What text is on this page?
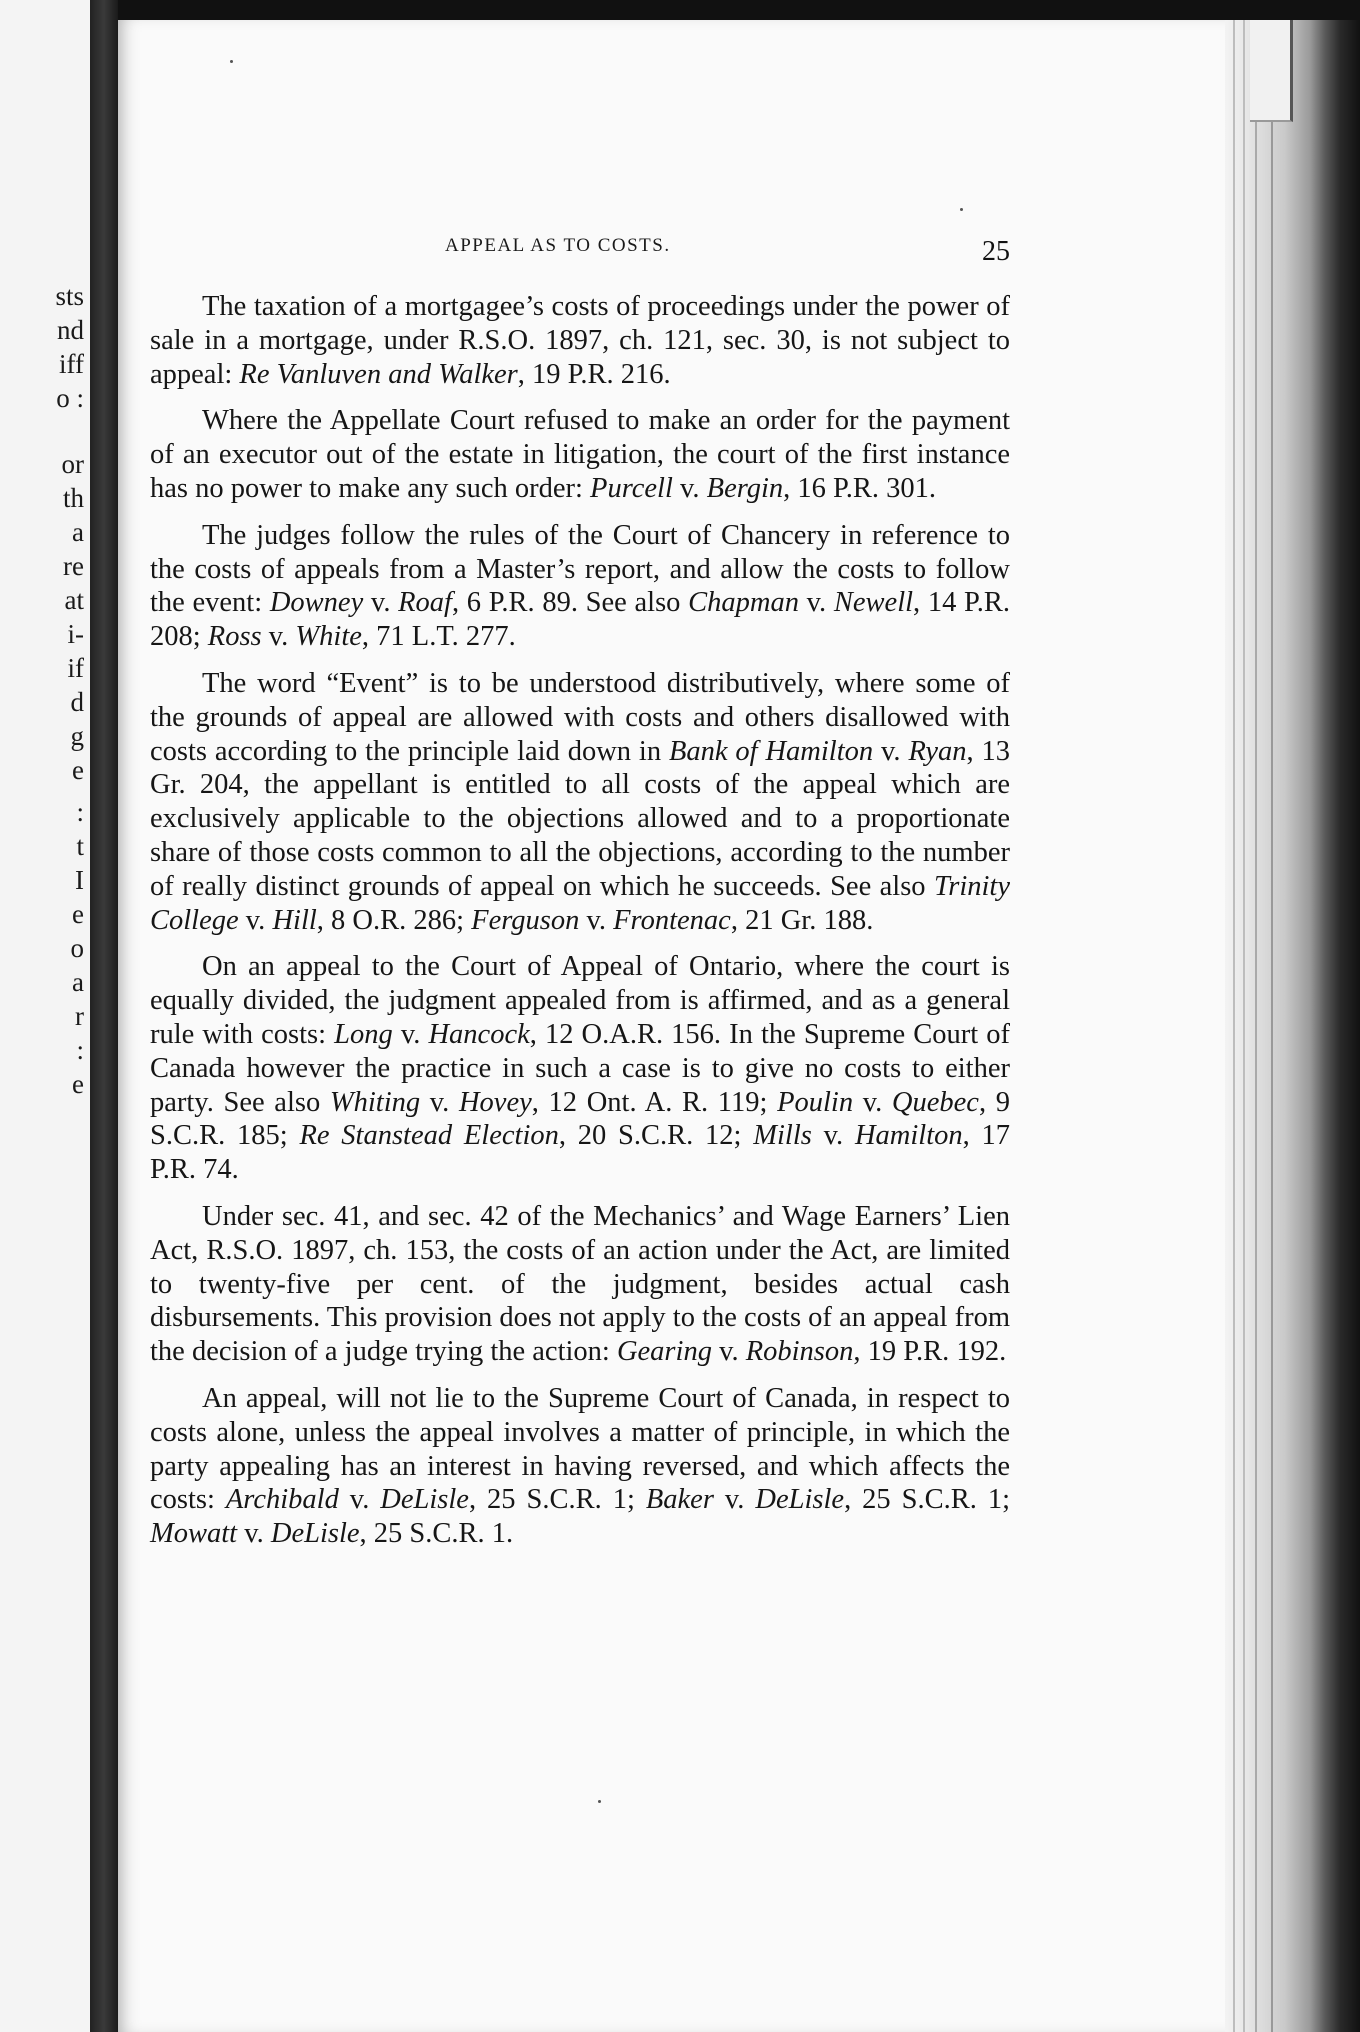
sts
nd
iff
o :
or
th
a
re
at
i-
if
d
g
e
:
t
I
e
o
a
r
:
e
APPEAL AS TO COSTS.	25

The taxation of a mortgagee’s costs of proceedings under the power of sale in a mortgage, under R.S.O. 1897, ch. 121, sec. 30, is not subject to appeal: Re Vanluven and Walker, 19 P.R. 216.

Where the Appellate Court refused to make an order for the payment of an executor out of the estate in litigation, the court of the first instance has no power to make any such order: Purcell v. Bergin, 16 P.R. 301.

The judges follow the rules of the Court of Chancery in reference to the costs of appeals from a Master’s report, and allow the costs to follow the event: Downey v. Roaf, 6 P.R. 89. See also Chapman v. Newell, 14 P.R. 208; Ross v. White, 71 L.T. 277.

The word “Event” is to be understood distributively, where some of the grounds of appeal are allowed with costs and others disallowed with costs according to the principle laid down in Bank of Hamilton v. Ryan, 13 Gr. 204, the appellant is entitled to all costs of the appeal which are exclusively applicable to the objections allowed and to a proportionate share of those costs common to all the objections, according to the number of really distinct grounds of appeal on which he succeeds. See also Trinity College v. Hill, 8 O.R. 286; Ferguson v. Frontenac, 21 Gr. 188.

On an appeal to the Court of Appeal of Ontario, where the court is equally divided, the judgment appealed from is affirmed, and as a general rule with costs: Long v. Hancock, 12 O.A.R. 156. In the Supreme Court of Canada however the practice in such a case is to give no costs to either party. See also Whiting v. Hovey, 12 Ont. A. R. 119; Poulin v. Quebec, 9 S.C.R. 185; Re Stanstead Election, 20 S.C.R. 12; Mills v. Hamilton, 17 P.R. 74.

Under sec. 41, and sec. 42 of the Mechanics’ and Wage Earners’ Lien Act, R.S.O. 1897, ch. 153, the costs of an action under the Act, are limited to twenty-five per cent. of the judgment, besides actual cash disbursements. This provision does not apply to the costs of an appeal from the decision of a judge trying the action: Gearing v. Robinson, 19 P.R. 192.

An appeal, will not lie to the Supreme Court of Canada, in respect to costs alone, unless the appeal involves a matter of principle, in which the party appealing has an interest in having reversed, and which affects the costs: Archibald v. DeLisle, 25 S.C.R. 1; Baker v. DeLisle, 25 S.C.R. 1; Mowatt v. DeLisle, 25 S.C.R. 1.
